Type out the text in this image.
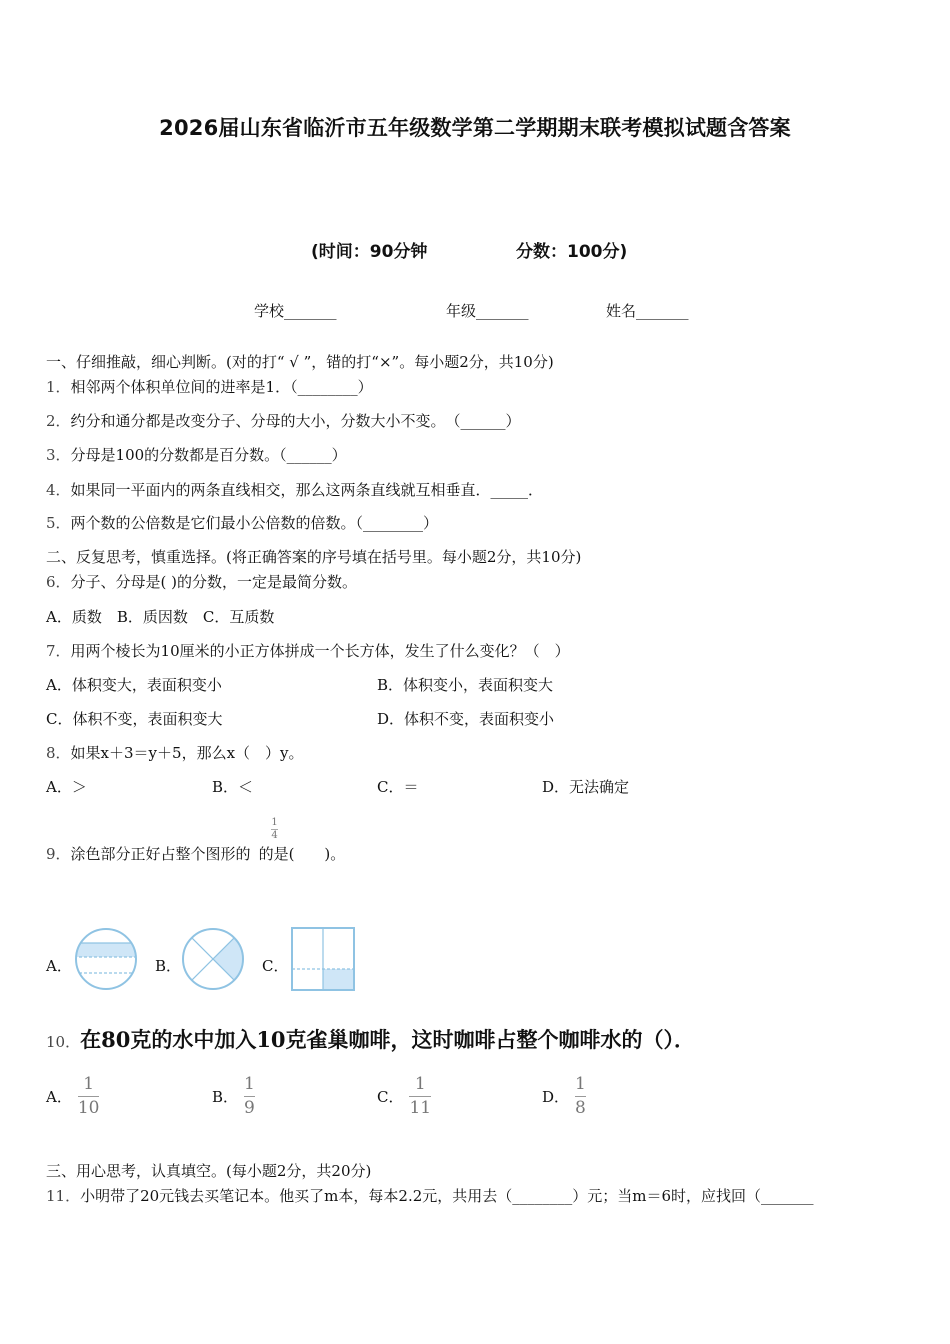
2026届山东省临沂市五年级数学第二学期期末联考模拟试题含答案
(时间：90分钟	分数：100分)
学校_______	年级_______	姓名_______
一、仔细推敲，细心判断。(对的打“ √ ”，错的打“×”。每小题2分，共10分)
1．相邻两个体积单位间的进率是1．（________）
2．约分和通分都是改变分子、分母的大小，分数大小不变。　（______）
3．分母是100的分数都是百分数。（______）
4．如果同一平面内的两条直线相交，那么这两条直线就互相垂直．_____．
5．两个数的公倍数是它们最小公倍数的倍数。（________）
二、反复思考，慎重选择。(将正确答案的序号填在括号里。每小题2分，共10分)
6．分子、分母是( )的分数，一定是最简分数。
A．质数　B．质因数　C．互质数
7．用两个棱长为10厘米的小正方体拼成一个长方体，发生了什么变化？（　）
A．体积变大，表面积变小	B．体积变小，表面积变大
C．体积不变，表面积变大	D．体积不变，表面积变小
8．如果x＋3＝y＋5，那么x（　）y。
A．＞	B．＜	C．＝	D．无法确定
1
4
9．涂色部分正好占整个图形的 的是(　　)。
A．	B．	C．
10．在80克的水中加入10克雀巢咖啡，这时咖啡占整个咖啡水的（）．
A． $\frac{1}{10}$	B． $\frac{1}{9}$	C． $\frac{1}{11}$	D． $\frac{1}{8}$
三、用心思考，认真填空。(每小题2分，共20分)
11．小明带了20元钱去买笔记本。他买了m本，每本2.2元，共用去（________）元；当m＝6时，应找回（_______
